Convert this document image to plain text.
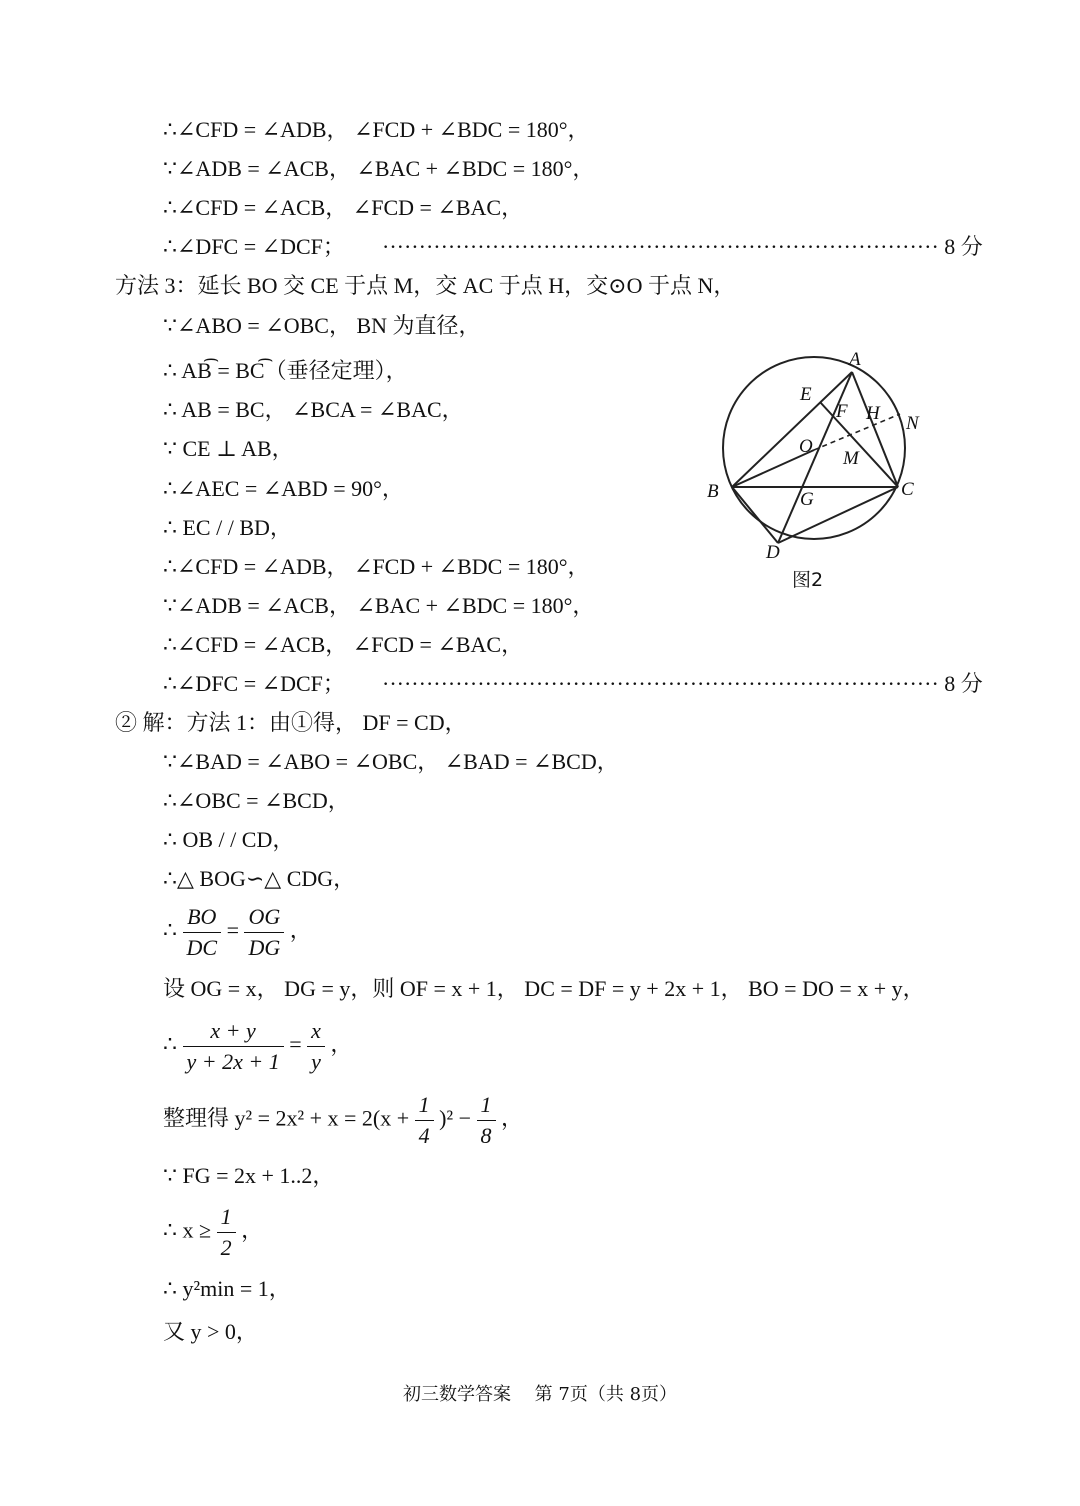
∴∠CFD = ∠ADB， ∠FCD + ∠BDC = 180°，
∵∠ADB = ∠ACB， ∠BAC + ∠BDC = 180°，
∴∠CFD = ∠ACB， ∠FCD = ∠BAC，
∴∠DFC = ∠DCF； ············································································ 8 分
方法 3：延长 BO 交 CE 于点 M，交 AC 于点 H，交⊙O 于点 N，
∵∠ABO = ∠OBC， BN 为直径，
∴ AB͡ = BC͡（垂径定理），
∴ AB = BC， ∠BCA = ∠BAC，
∵ CE ⊥ AB，
∴∠AEC = ∠ABD = 90°，
∴ EC / / BD，
∴∠CFD = ∠ADB， ∠FCD + ∠BDC = 180°，
∵∠ADB = ∠ACB， ∠BAC + ∠BDC = 180°，
∴∠CFD = ∠ACB， ∠FCD = ∠BAC，
∴∠DFC = ∠DCF； ············································································ 8 分
A
E
F H N
O
M
B	G	C
D
图2
② 解：方法 1：由①得， DF = CD，
∵∠BAD = ∠ABO = ∠OBC， ∠BAD = ∠BCD，
∴∠OBC = ∠BCD，
∴ OB / / CD，
∴△ BOG∽△ CDG，
∴ $\frac{BO}{DC} = \frac{OG}{DG}$ ，
设 OG = x， DG = y，则 OF = x + 1， DC = DF = y + 2x + 1， BO = DO = x + y，
∴ $\frac{x + y}{y + 2x + 1} = \frac{x}{y}$ ，
整理得 $y^2 = 2x^2 + x = 2(x + \frac{1}{4} )^2 - \frac{1}{8}$ ，
∵ FG = 2x + 1..2，
∴ $x \ge \frac{1}{2}$ ，
∴ y²min = 1，
又 y > 0，
初三数学答案　 第 7页（共 8页）
